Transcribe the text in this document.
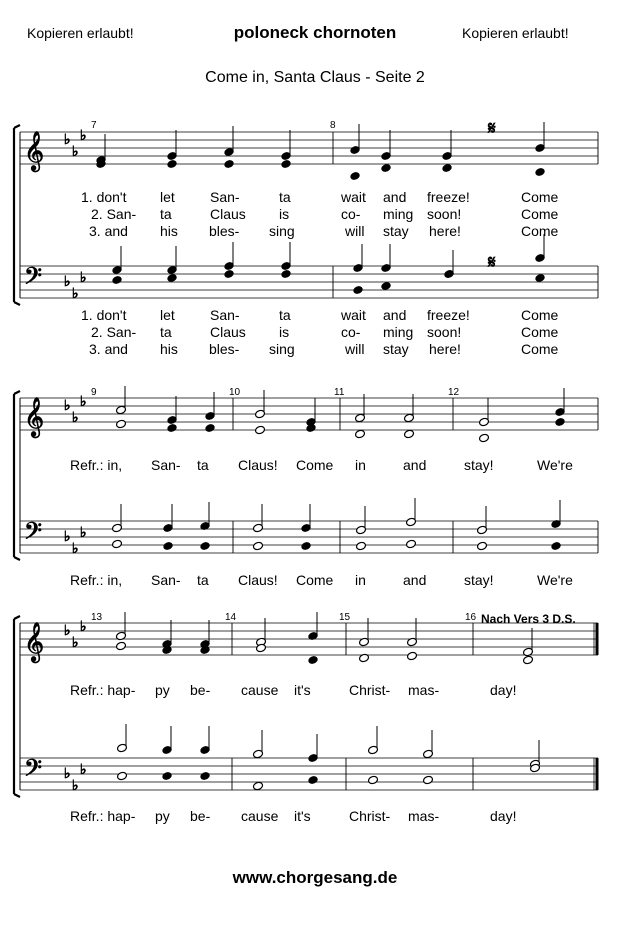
Kopieren erlaubt!	poloneck chornoten	Kopieren erlaubt!
Come in, Santa Claus - Seite 2
𝄞
𝄢
♭
♭
♭
♭
♭
♭
𝄞
𝄢
♭
♭
♭
♭
♭
♭
𝄞
𝄢
♭
♭
♭
♭
♭
♭
𝄋
𝄋
7	8
1. don't let	San-	ta	wait and freeze!	Come
2. San- ta	Claus is	co- ming soon!	Come
3. and his bles- sing	will stay here!	Come
1. don't let	San-	ta	wait and freeze!	Come
2. San- ta	Claus is	co- ming soon!	Come
3. and his bles- sing	will stay here!	Come
9	10	11	12
Refr.: in, San- ta Claus! Come in	and	stay!	We're
Refr.: in, San- ta Claus! Come in	and	stay!	We're
13	14	15	16 Nach Vers 3 D.S.
Refr.: hap- py be- cause it's	Christ- mas-	day!
Refr.: hap- py be- cause it's	Christ- mas-	day!
www.chorgesang.de
